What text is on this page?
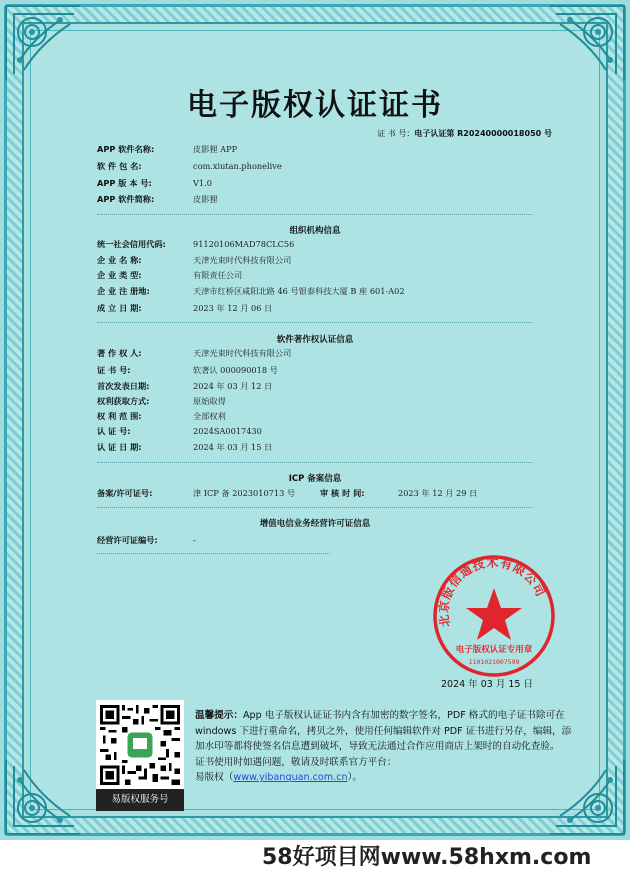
电子版权认证证书
证 书 号：电子认证第 R20240000018050 号
APP 软件名称:	皮影狸 APP
软 件 包 名:	com.xiutan.phonelive
APP 版 本 号:	V1.0
APP 软件简称:	皮影狸
组织机构信息
统一社会信用代码:	91120106MAD78CLC56
企 业 名 称:	天津光束时代科技有限公司
企 业 类 型:	有限责任公司
企 业 注 册地:	天津市红桥区咸阳北路 46 号银泰科技大厦 B 座 601-A02
成 立 日 期:	2023 年 12 月 06 日
软件著作权认证信息
著 作 权 人:	天津光束时代科技有限公司
证 书 号:	软著认 000090018 号
首次发表日期:	2024 年 03 月 12 日
权利获取方式:	原始取得
权 利 范 围:	全部权利
认 证 号:	2024SA0017430
认 证 日 期:	2024 年 03 月 15 日
ICP 备案信息
备案/许可证号:	津 ICP 备 2023010713 号	审 核 时 间:	2023 年 12 月 29 日
增值电信业务经营许可证信息
经营许可证编号:	-
北京版信通技术有限公司
电子版权认证专用章
1101021007599
2024 年 03 月 15 日
易版权服务号
温馨提示：App 电子版权认证证书内含有加密的数字签名，PDF 格式的电子证书除可在 windows 下进行重命名，拷贝之外，使用任何编辑软件对 PDF 证书进行另存，编辑，添加水印等都将使签名信息遭到破坏，导致无法通过合作应用商店上架时的自动化查验。
证书使用时如遇问题，敬请及时联系官方平台：
易版权（www.yibanquan.com.cn）。
58好项目网www.58hxm.com
